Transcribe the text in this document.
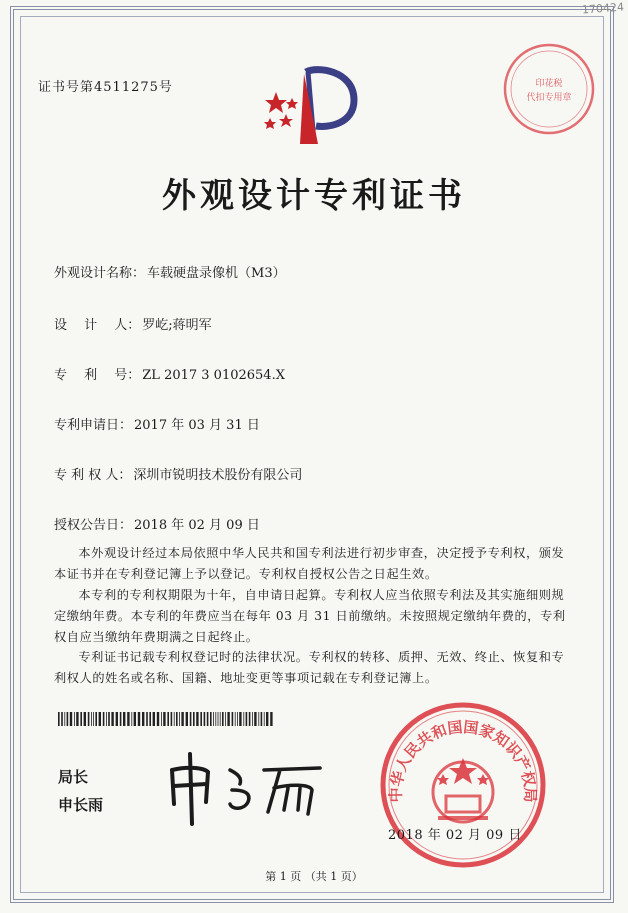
170424
证书号第4511275号
外观设计专利证书
外观设计名称： 车载硬盘录像机（M3）
设　 计　 人： 罗屹;蒋明军
专　 利　 号： ZL 2017 3 0102654.X
专利申请日： 2017 年 03 月 31 日
专 利 权 人： 深圳市锐明技术股份有限公司
授权公告日： 2018 年 02 月 09 日
本外观设计经过本局依照中华人民共和国专利法进行初步审查，决定授予专利权，颁发本证书并在专利登记簿上予以登记。专利权自授权公告之日起生效。
本专利的专利权期限为十年，自申请日起算。专利权人应当依照专利法及其实施细则规定缴纳年费。本专利的年费应当在每年 03 月 31 日前缴纳。未按照规定缴纳年费的，专利权自应当缴纳年费期满之日起终止。
专利证书记载专利权登记时的法律状况。专利权的转移、质押、无效、终止、恢复和专利权人的姓名或名称、国籍、地址变更等事项记载在专利登记簿上。
局长
申长雨
中华人民共和国国家知识产权局
印花税
代扣专用章
2018 年 02 月 09 日
第 1 页 （共 1 页）
